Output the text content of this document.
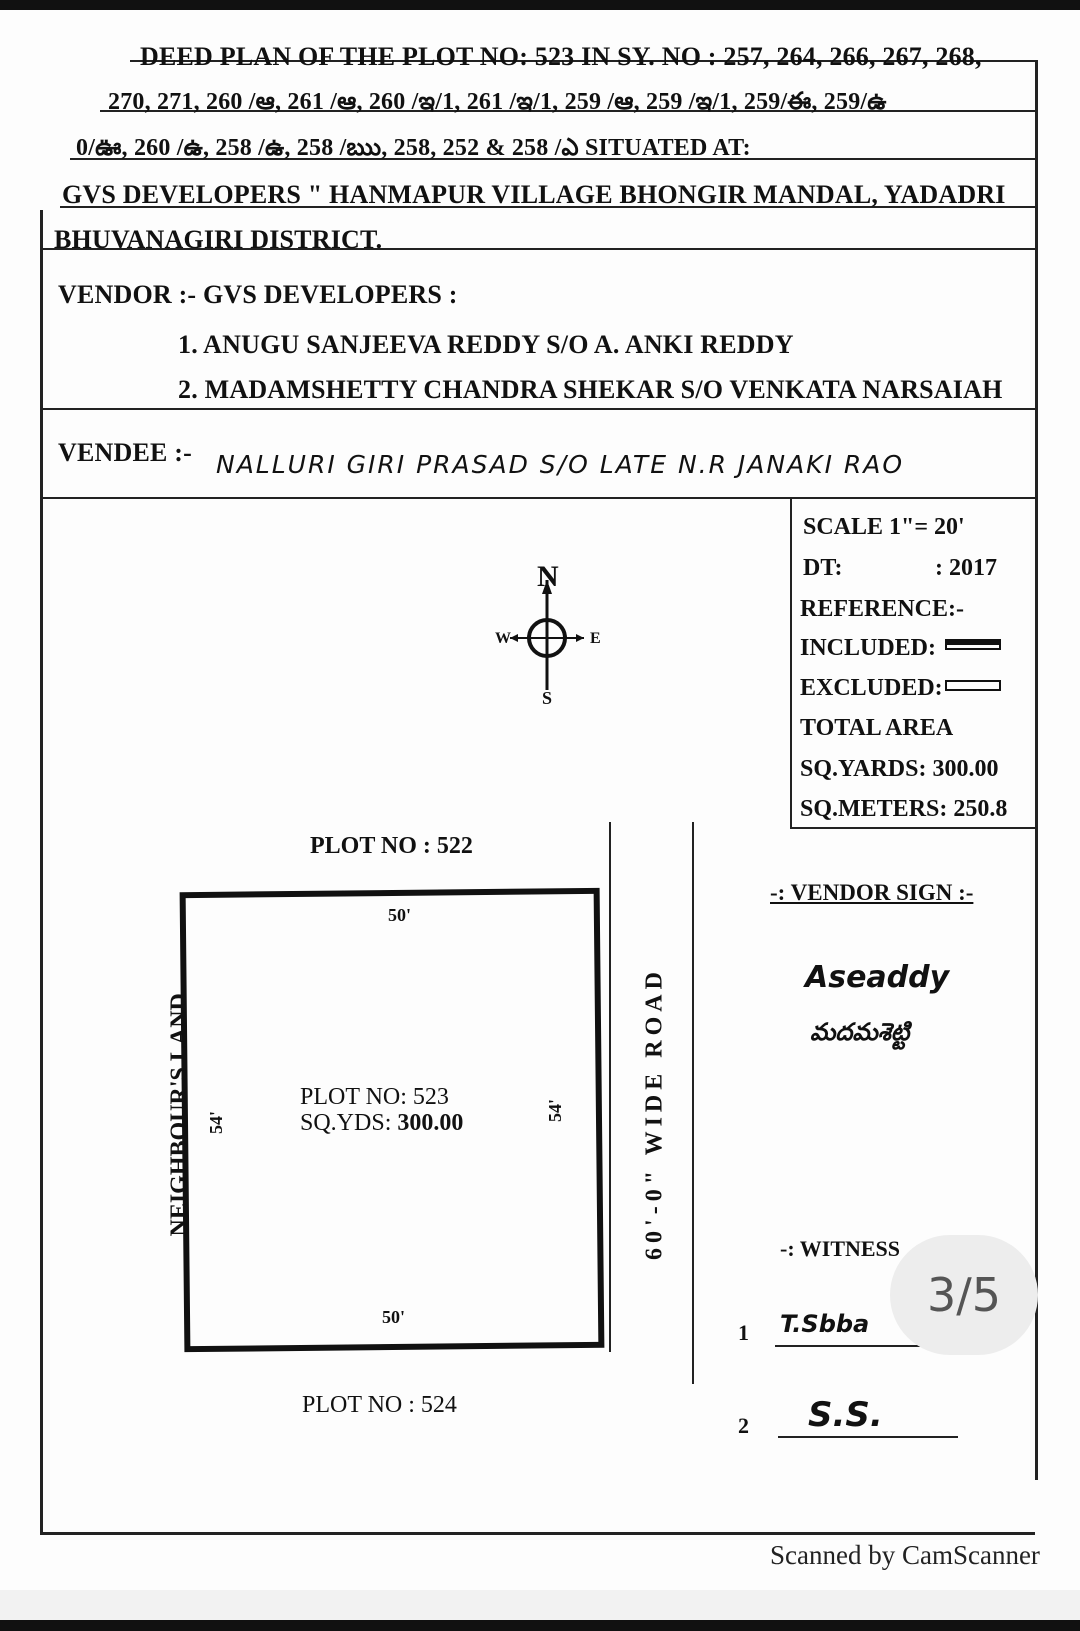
DEED PLAN OF THE PLOT NO: 523 IN SY. NO : 257, 264, 266, 267, 268,
270, 271, 260 /ఆ, 261 /ఆ, 260 /ఇ/1, 261 /ఇ/1, 259 /ఆ, 259 /ఇ/1, 259/ఈ, 259/ఉ
0/ఊ, 260 /ఉ, 258 /ఉ, 258 /ఋ, 258, 252 & 258 /ఎ SITUATED AT:
GVS DEVELOPERS " HANMAPUR VILLAGE BHONGIR MANDAL, YADADRI
BHUVANAGIRI DISTRICT.
VENDOR :- GVS DEVELOPERS :
1. ANUGU SANJEEVA REDDY S/O A. ANKI REDDY
2. MADAMSHETTY CHANDRA SHEKAR S/O VENKATA NARSAIAH
VENDEE :- NALLURI GIRI PRASAD S/O LATE N.R JANAKI RAO
SCALE 1"= 20'
DT:	: 2017
REFERENCE:-
INCLUDED:
EXCLUDED:
TOTAL AREA
SQ.YARDS: 300.00
SQ.METERS: 250.8
N
S
W	E
PLOT NO : 522
50'
50'
54'
54'
PLOT NO: 523
SQ.YDS: 300.00
PLOT NO : 524
NEIGHBOUR'S LAND	60'-0" WIDE ROAD
-: VENDOR SIGN :-
Aseaddy
మదమశెట్టి
-: WITNESS
1 T.Sbba
2 S.S.
3/5
Scanned by CamScanner
